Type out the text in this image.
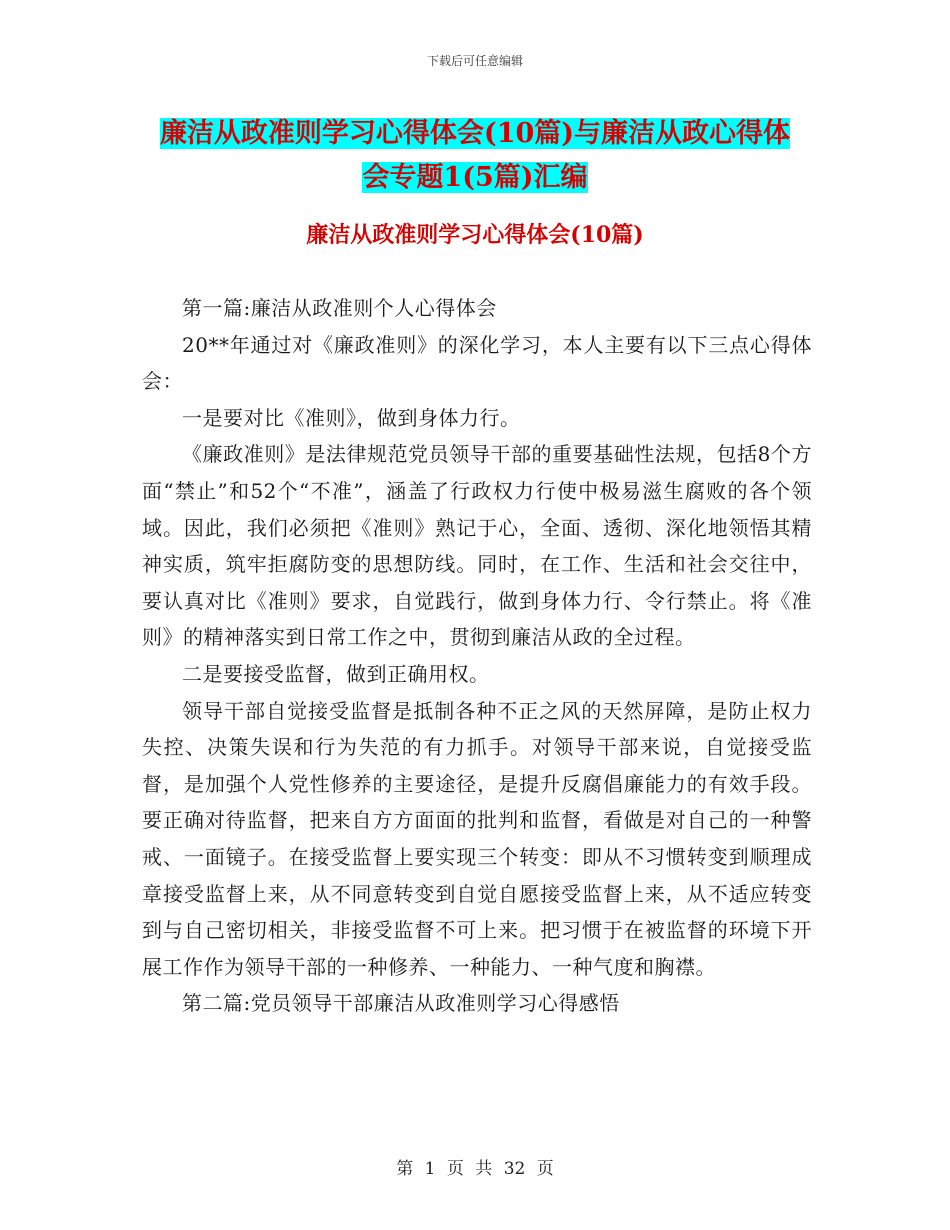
下载后可任意编辑
廉洁从政准则学习心得体会(10篇)与廉洁从政心得体
会专题1(5篇)汇编
廉洁从政准则学习心得体会(10篇)

第一篇:廉洁从政准则个人心得体会

20**年通过对《廉政准则》的深化学习，本人主要有以下三点心得体会：

一是要对比《准则》，做到身体力行。

《廉政准则》是法律规范党员领导干部的重要基础性法规，包括8个方面“禁止”和52个“不准”，涵盖了行政权力行使中极易滋生腐败的各个领域。因此，我们必须把《准则》熟记于心，全面、透彻、深化地领悟其精神实质，筑牢拒腐防变的思想防线。同时，在工作、生活和社会交往中，要认真对比《准则》要求，自觉践行，做到身体力行、令行禁止。将《准则》的精神落实到日常工作之中，贯彻到廉洁从政的全过程。

二是要接受监督，做到正确用权。

领导干部自觉接受监督是抵制各种不正之风的天然屏障，是防止权力失控、决策失误和行为失范的有力抓手。对领导干部来说，自觉接受监督，是加强个人党性修养的主要途径，是提升反腐倡廉能力的有效手段。要正确对待监督，把来自方方面面的批判和监督，看做是对自己的一种警戒、一面镜子。在接受监督上要实现三个转变：即从不习惯转变到顺理成章接受监督上来，从不同意转变到自觉自愿接受监督上来，从不适应转变到与自己密切相关，非接受监督不可上来。把习惯于在被监督的环境下开展工作作为领导干部的一种修养、一种能力、一种气度和胸襟。

第二篇:党员领导干部廉洁从政准则学习心得感悟

第 1 页 共 32 页
